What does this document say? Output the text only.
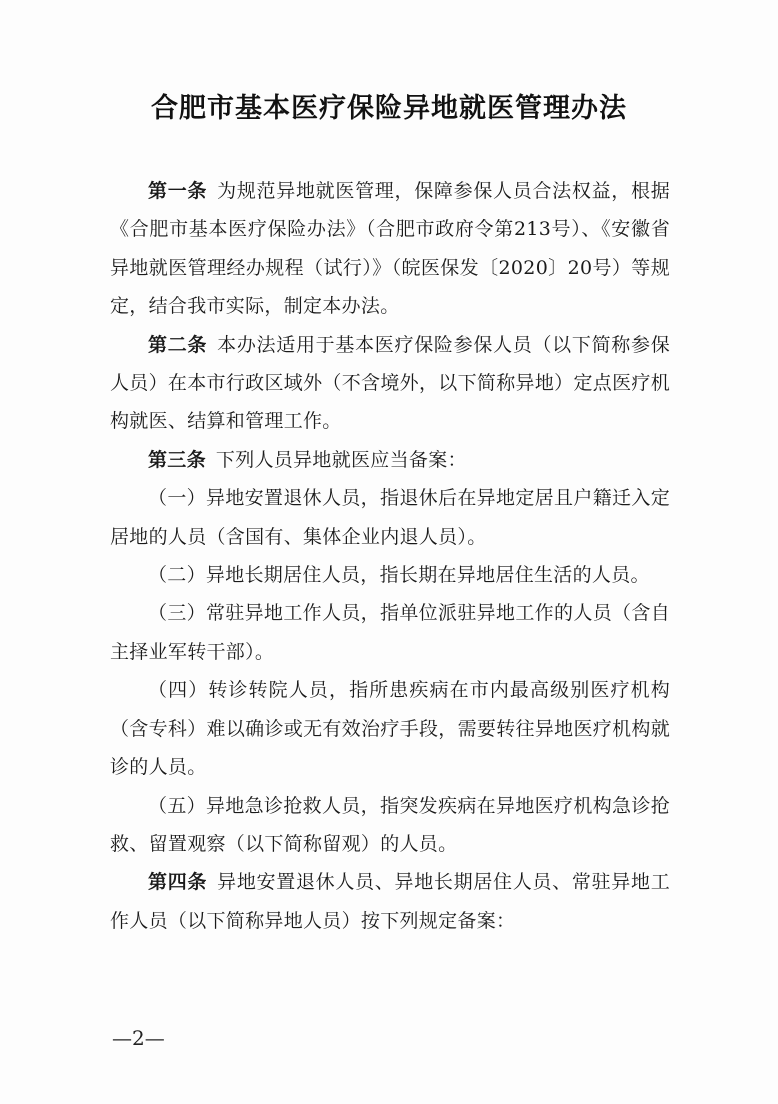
合肥市基本医疗保险异地就医管理办法

第一条 为规范异地就医管理，保障参保人员合法权益，根据《合肥市基本医疗保险办法》（合肥市政府令第213号）、《安徽省异地就医管理经办规程（试行）》（皖医保发〔2020〕20号）等规定，结合我市实际，制定本办法。

第二条 本办法适用于基本医疗保险参保人员（以下简称参保人员）在本市行政区域外（不含境外，以下简称异地）定点医疗机构就医、结算和管理工作。

第三条 下列人员异地就医应当备案：

（一）异地安置退休人员，指退休后在异地定居且户籍迁入定居地的人员（含国有、集体企业内退人员）。

（二）异地长期居住人员，指长期在异地居住生活的人员。

（三）常驻异地工作人员，指单位派驻异地工作的人员（含自主择业军转干部）。

（四）转诊转院人员，指所患疾病在市内最高级别医疗机构（含专科）难以确诊或无有效治疗手段，需要转往异地医疗机构就诊的人员。

（五）异地急诊抢救人员，指突发疾病在异地医疗机构急诊抢救、留置观察（以下简称留观）的人员。

第四条 异地安置退休人员、异地长期居住人员、常驻异地工作人员（以下简称异地人员）按下列规定备案：

—2—
